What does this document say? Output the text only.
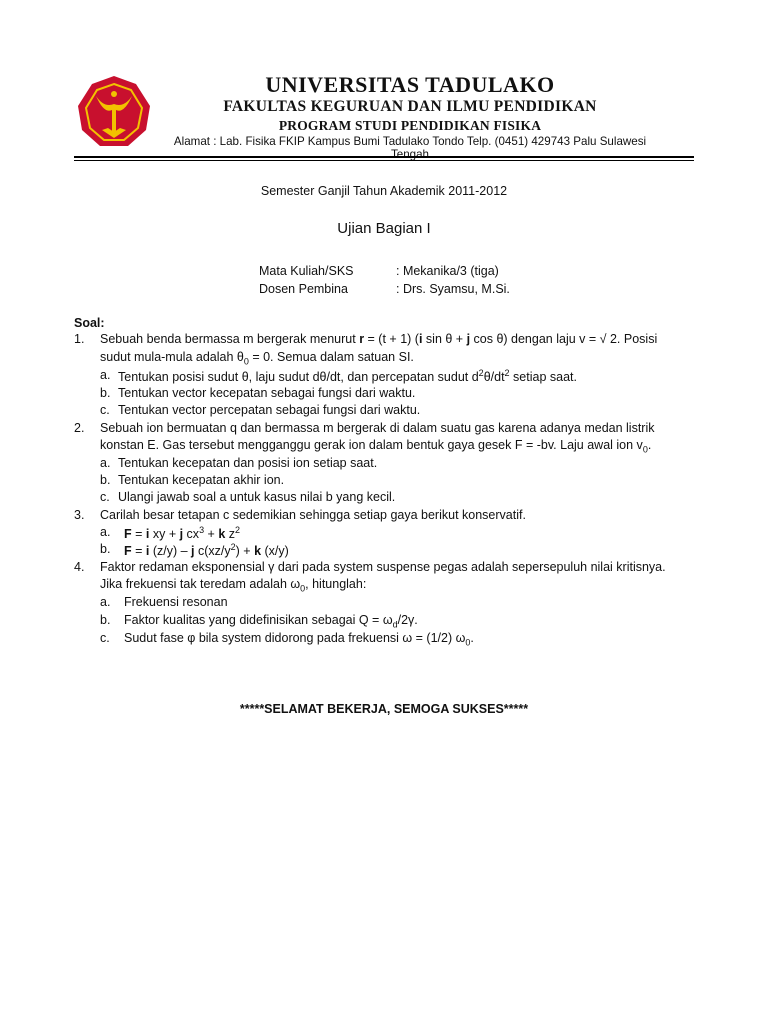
UNIVERSITAS TADULAKO
FAKULTAS KEGURUAN DAN ILMU PENDIDIKAN
PROGRAM STUDI PENDIDIKAN FISIKA
Alamat : Lab. Fisika FKIP Kampus Bumi Tadulako Tondo Telp. (0451) 429743 Palu Sulawesi Tengah
Semester Ganjil Tahun Akademik 2011-2012
Ujian Bagian I
Mata Kuliah/SKS	: Mekanika/3 (tiga)
Dosen Pembina	: Drs. Syamsu, M.Si.
Soal:
1. Sebuah benda bermassa m bergerak menurut r = (t + 1) (i sin θ + j cos θ) dengan laju v = √ 2. Posisi
sudut mula-mula adalah $\theta_0 = 0$. Semua dalam satuan SI.
a. Tentukan posisi sudut θ, laju sudut dθ/dt, dan percepatan sudut $d^2\theta/dt^2$ setiap saat.
b. Tentukan vector kecepatan sebagai fungsi dari waktu.
c. Tentukan vector percepatan sebagai fungsi dari waktu.
2. Sebuah ion bermuatan q dan bermassa m bergerak di dalam suatu gas karena adanya medan listrik
konstan E. Gas tersebut mengganggu gerak ion dalam bentuk gaya gesek F = -bv. Laju awal ion $v_0$.
a. Tentukan kecepatan dan posisi ion setiap saat.
b. Tentukan kecepatan akhir ion.
c. Ulangi jawab soal a untuk kasus nilai b yang kecil.
3. Carilah besar tetapan c sedemikian sehingga setiap gaya berikut konservatif.
a. F = i xy + j $cx^3 + k$ $z^2$
b. F = i (z/y) – j $c(xz/y^2) + k$ (x/y)
4. Faktor redaman eksponensial γ dari pada system suspense pegas adalah sepersepuluh nilai kritisnya.
Jika frekuensi tak teredam adalah $\omega_0$, hitunglah:
a. Frekuensi resonan
b. Faktor kualitas yang didefinisikan sebagai $Q = \omega_d/2\gamma$.
c. Sudut fase φ bila system didorong pada frekuensi ω = (1/2) $\omega_0$.
*****SELAMAT BEKERJA, SEMOGA SUKSES*****
